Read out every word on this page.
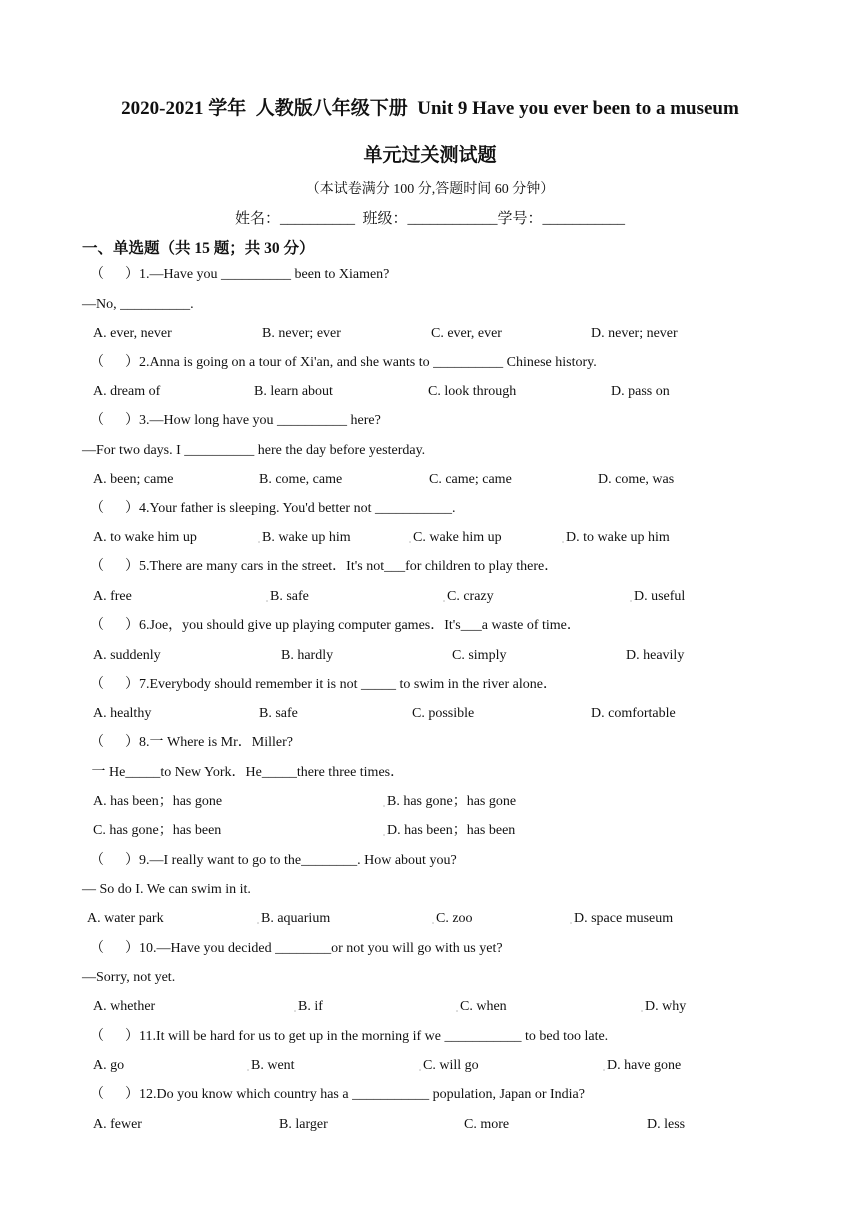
2020-2021 学年  人教版八年级下册  Unit 9 Have you ever been to a museum
单元过关测试题
（本试卷满分 100 分,答题时间 60 分钟）
姓名：__________  班级：____________学号：___________
一、单选题（共 15 题；共 30 分）
（      ）1.—Have you __________ been to Xiamen?
—No, __________.
A. ever, never	B. never; ever	C. ever, ever	D. never; never
（      ）2.Anna is going on a tour of Xi'an, and she wants to __________ Chinese history.
A. dream of	B. learn about	C. look through	D. pass on
（      ）3.—How long have you __________ here?
—For two days. I __________ here the day before yesterday.
A. been; came	B. come, came	C. came; came	D. come, was
（      ）4.Your father is sleeping. You'd better not ___________.
A. to wake him up	▫ B. wake up him	▫ C. wake him up	▫ D. to wake up him
（      ）5.There are many cars in the street．It's not___for children to play there．
A. free	▫ B. safe	▫ C. crazy	▫ D. useful
（      ）6.Joe，you should give up playing computer games．It's___a waste of time．
A. suddenly	B. hardly	C. simply	D. heavily
（      ）7.Everybody should remember it is not _____ to swim in the river alone．
A. healthy	B. safe	C. possible	D. comfortable
（      ）8.一 Where is Mr．Miller?
一 He_____to New York．He_____there three times．
A. has been；has gone	▫ B. has gone；has gone
C. has gone；has been	▫ D. has been；has been
（      ）9.—I really want to go to the________. How about you?
— So do I. We can swim in it.
A. water park	▫ B. aquarium	▫ C. zoo	▫ D. space museum
（      ）10.—Have you decided ________or not you will go with us yet?
—Sorry, not yet.
A. whether	▫ B. if	▫ C. when	▫ D. why
（      ）11.It will be hard for us to get up in the morning if we ___________ to bed too late.
A. go	▫ B. went	▫ C. will go	▫ D. have gone
（      ）12.Do you know which country has a ___________ population, Japan or India?
A. fewer	B. larger	C. more	D. less
